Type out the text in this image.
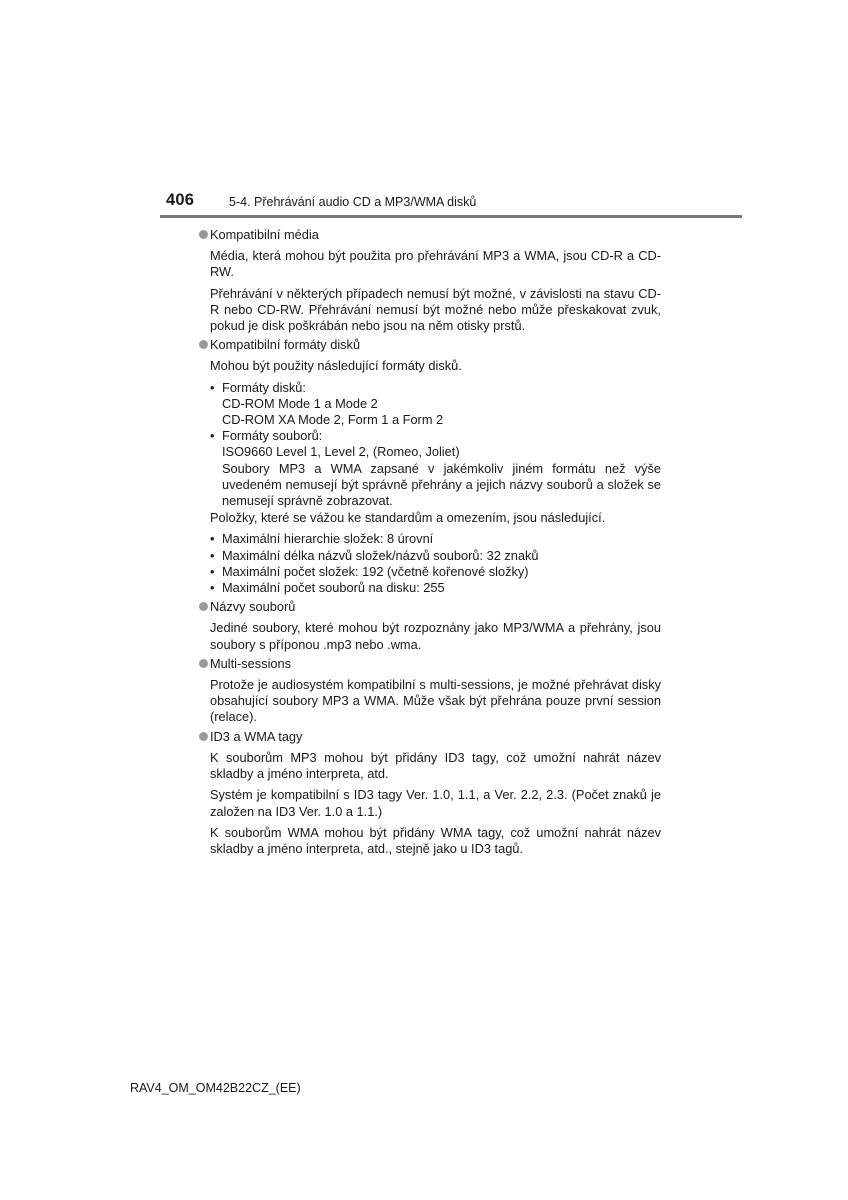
406	5-4. Přehrávání audio CD a MP3/WMA disků
Kompatibilní média
Média, která mohou být použita pro přehrávání MP3 a WMA, jsou CD-R a CD-RW.
Přehrávání v některých případech nemusí být možné, v závislosti na stavu CD-R nebo CD-RW. Přehrávání nemusí být možné nebo může přeskakovat zvuk, pokud je disk poškrábán nebo jsou na něm otisky prstů.
Kompatibilní formáty disků
Mohou být použity následující formáty disků.
• Formáty disků:
CD-ROM Mode 1 a Mode 2
CD-ROM XA Mode 2, Form 1 a Form 2
• Formáty souborů:
ISO9660 Level 1, Level 2, (Romeo, Joliet)
Soubory MP3 a WMA zapsané v jakémkoliv jiném formátu než výše uvedeném nemusejí být správně přehrány a jejich názvy souborů a složek se nemusejí správně zobrazovat.
Položky, které se vážou ke standardům a omezením, jsou následující.
• Maximální hierarchie složek: 8 úrovní
• Maximální délka názvů složek/názvů souborů: 32 znaků
• Maximální počet složek: 192 (včetně kořenové složky)
• Maximální počet souborů na disku: 255
Názvy souborů
Jediné soubory, které mohou být rozpoznány jako MP3/WMA a přehrány, jsou soubory s příponou .mp3 nebo .wma.
Multi-sessions
Protože je audiosystém kompatibilní s multi-sessions, je možné přehrávat disky obsahující soubory MP3 a WMA. Může však být přehrána pouze první session (relace).
ID3 a WMA tagy
K souborům MP3 mohou být přidány ID3 tagy, což umožní nahrát název skladby a jméno interpreta, atd.
Systém je kompatibilní s ID3 tagy Ver. 1.0, 1.1, a Ver. 2.2, 2.3. (Počet znaků je založen na ID3 Ver. 1.0 a 1.1.)
K souborům WMA mohou být přidány WMA tagy, což umožní nahrát název skladby a jméno interpreta, atd., stejně jako u ID3 tagů.
RAV4_OM_OM42B22CZ_(EE)
